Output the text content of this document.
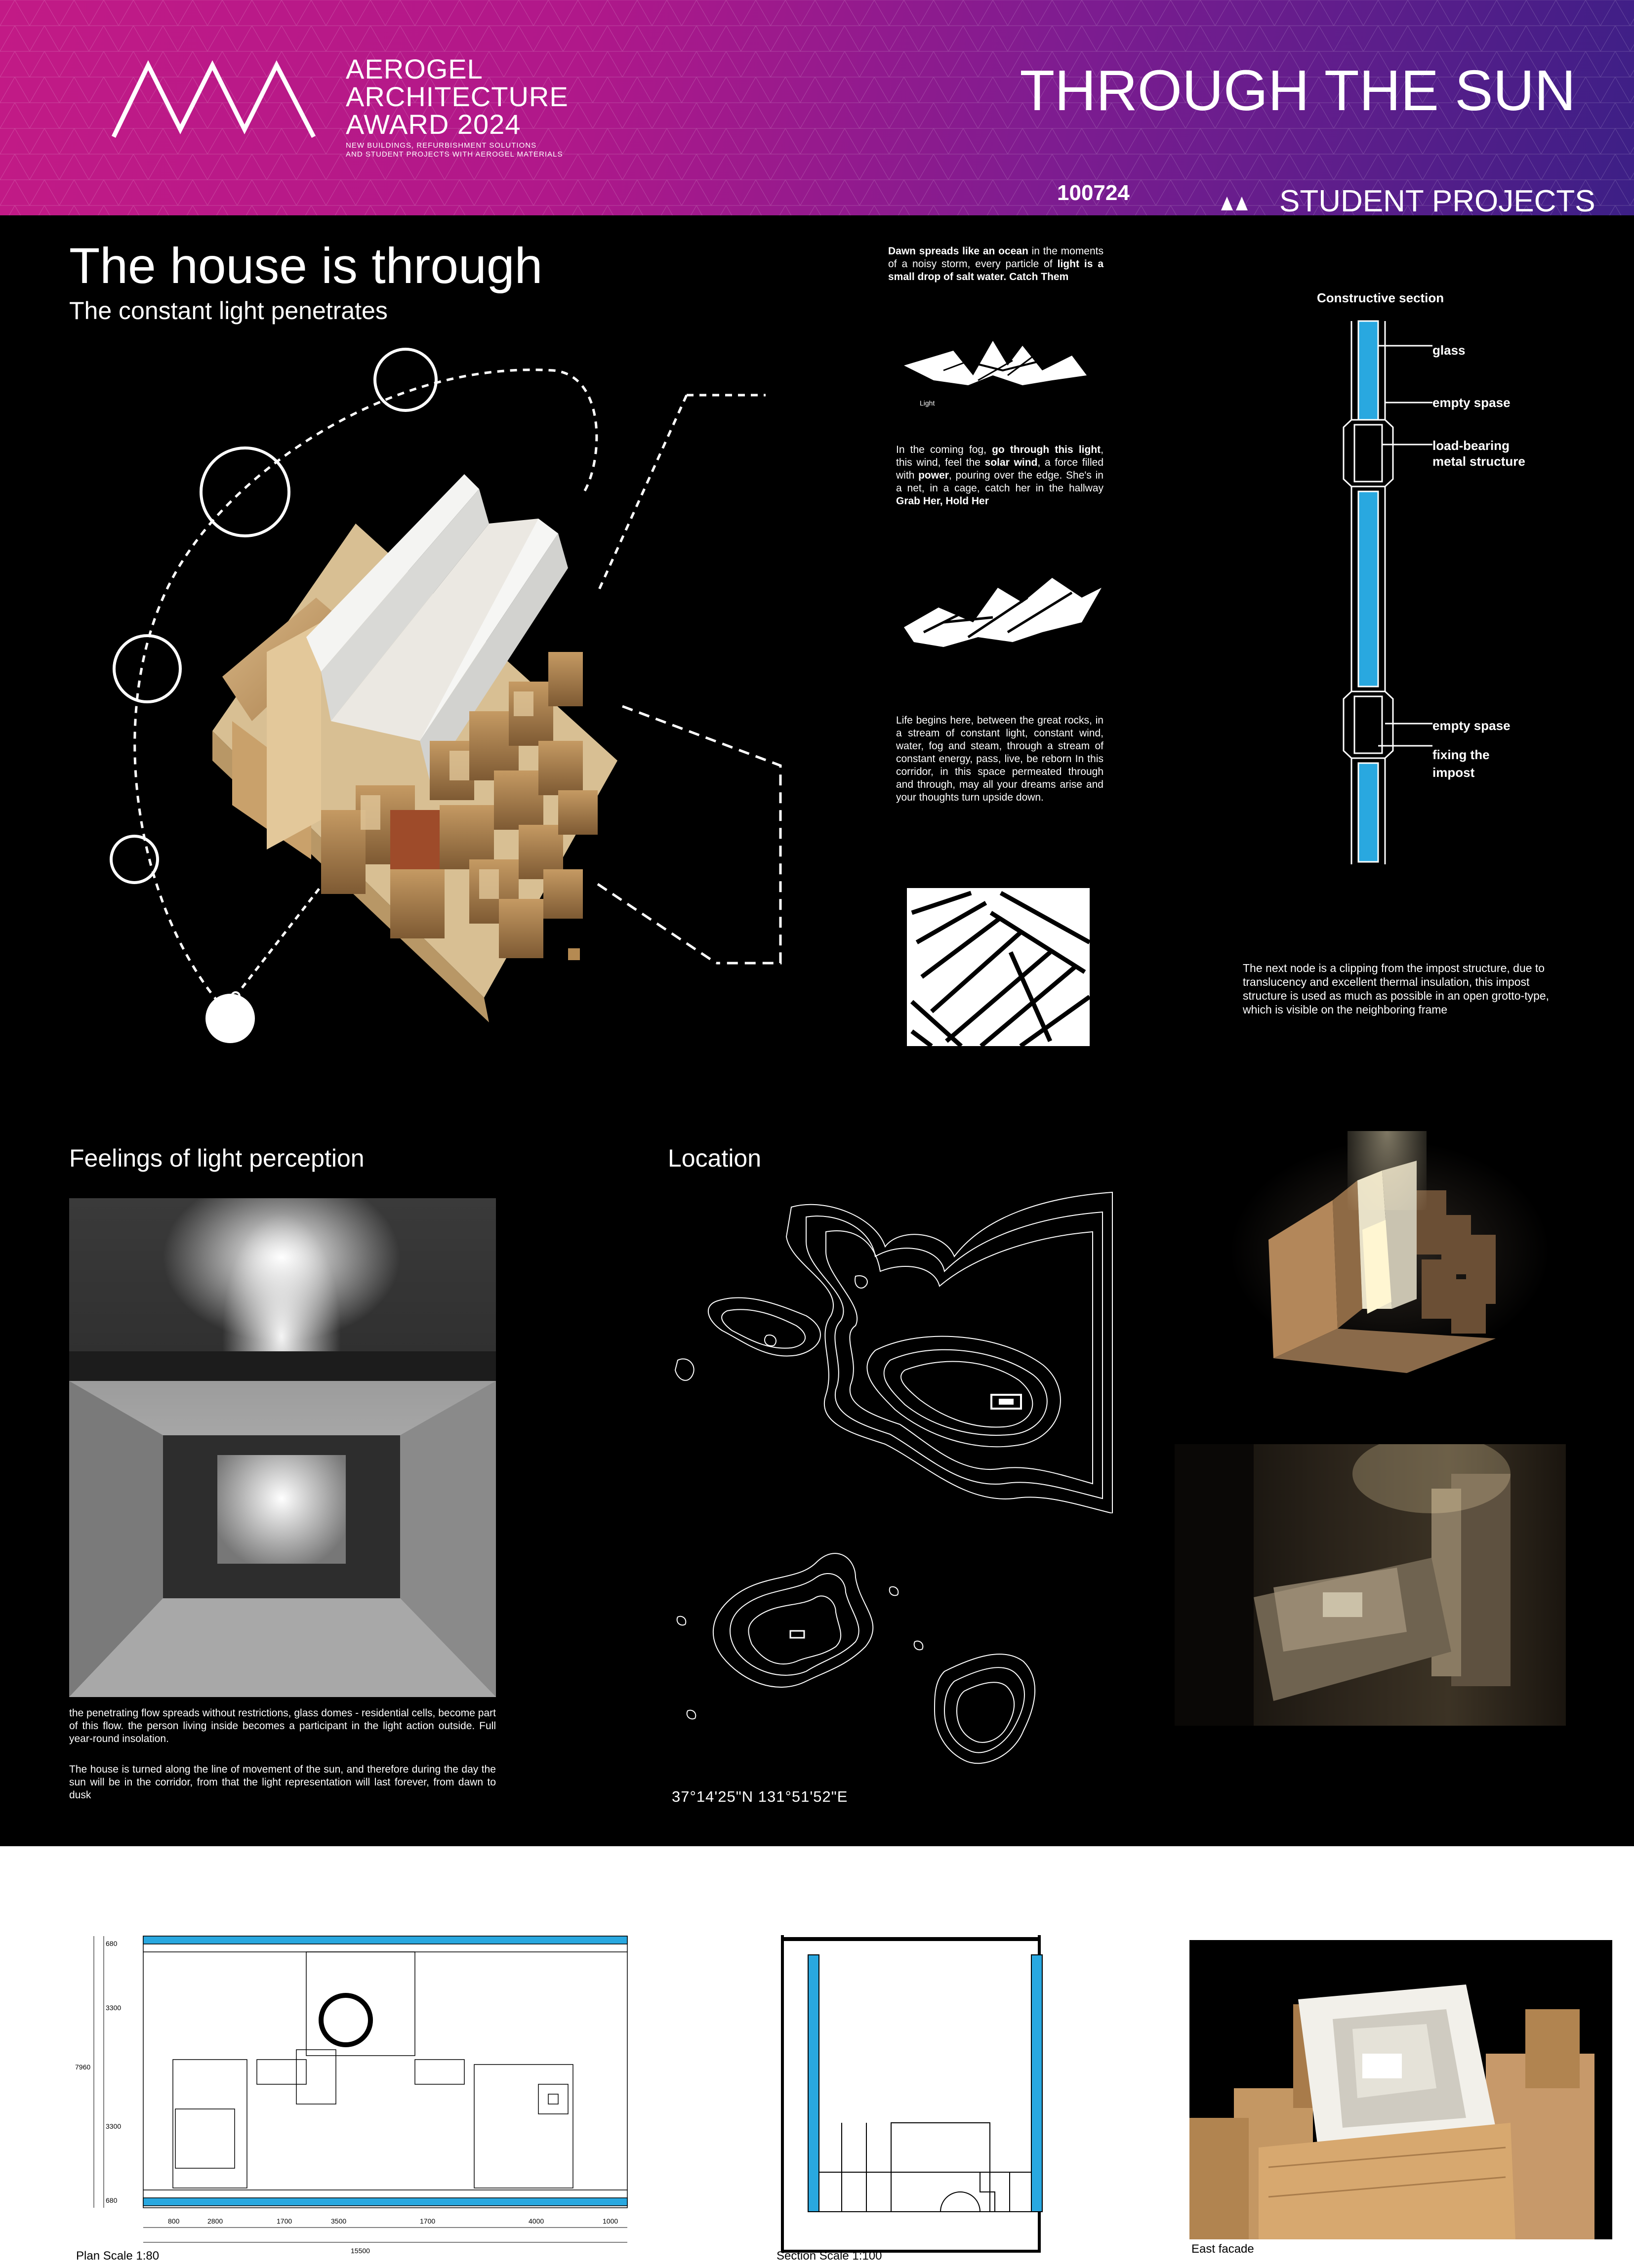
AEROGEL
ARCHITECTURE
AWARD 2024
NEW BUILDINGS, REFURBISHMENT SOLUTIONS
AND STUDENT PROJECTS WITH AEROGEL MATERIALS
THROUGH THE SUN
100724	STUDENT PROJECTS
The house is through
The constant light penetrates
Dawn spreads like an ocean in the moments of a noisy storm, every particle of light is a small drop of salt water. Catch Them
Light
In the coming fog, go through this light, this wind, feel the solar wind, a force filled with power, pouring over the edge. She's in a net, in a cage, catch her in the hallway Grab Her, Hold Her
Life begins here, between the great rocks, in a stream of constant light, constant wind, water, fog and steam, through a stream of constant energy, pass, live, be reborn In this corridor, in this space permeated through and through, may all your dreams arise and your thoughts turn upside down.
Constructive section
glass
empty spase
load-bearing metal structure
empty spase
fixing the impost
The next node is a clipping from the impost structure, due to translucency and excellent thermal insulation, this impost structure is used as much as possible in an open grotto-type, which is visible on the neighboring frame
Feelings of light perception
the penetrating flow spreads without restrictions, glass domes - residential cells, become part of this flow. the person living inside becomes a participant in the light action outside. Full year-round insolation.
The house is turned along the line of movement of the sun, and therefore during the day the sun will be in the corridor, from that the light representation will last forever, from dawn to dusk
Location
37°14'25"N 131°51'52"E
800	2800	1700	3500	1700	4000	1000
15500
680
3300
3300
680
7960
Plan Scale 1:80	Section Scale 1:100
East facade
